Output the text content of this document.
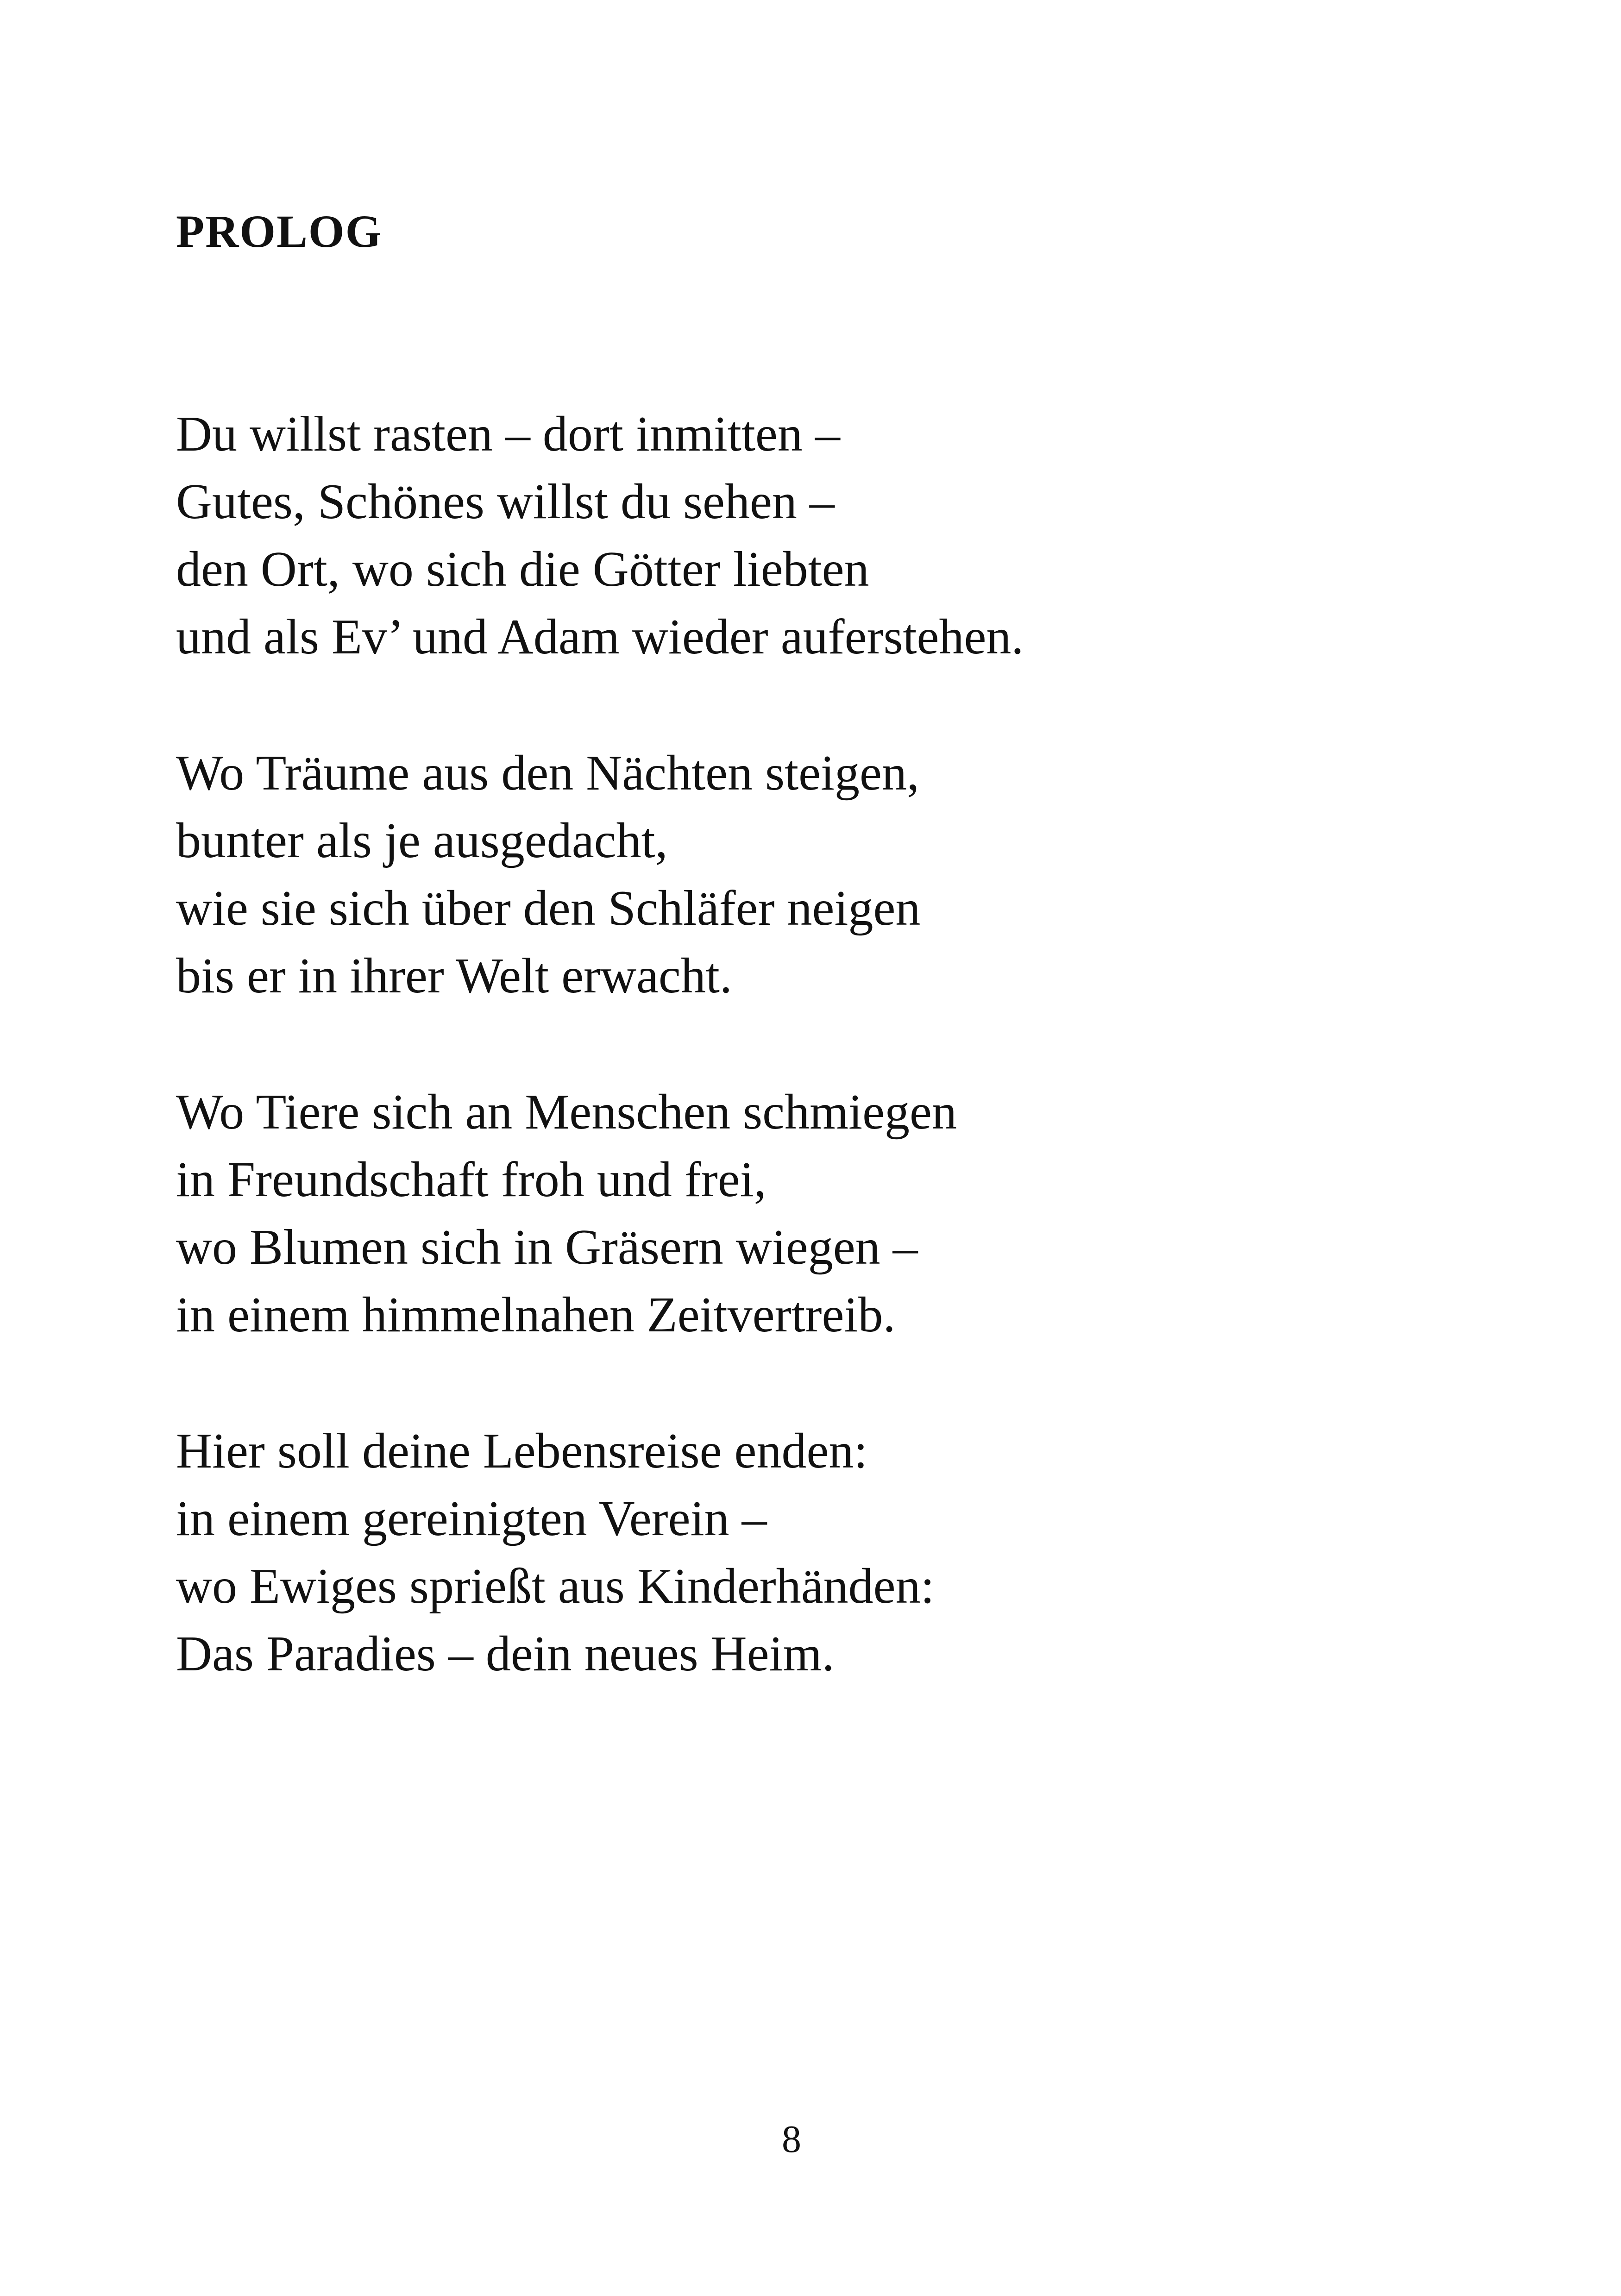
PROLOG
Du willst rasten – dort inmitten –
Gutes, Schönes willst du sehen –
den Ort, wo sich die Götter liebten
und als Ev’ und Adam wieder auferstehen.
Wo Träume aus den Nächten steigen,
bunter als je ausgedacht,
wie sie sich über den Schläfer neigen
bis er in ihrer Welt erwacht.
Wo Tiere sich an Menschen schmiegen
in Freundschaft froh und frei,
wo Blumen sich in Gräsern wiegen –
in einem himmelnahen Zeitvertreib.
Hier soll deine Lebensreise enden:
in einem gereinigten Verein –
wo Ewiges sprießt aus Kinderhänden:
Das Paradies – dein neues Heim.
8
